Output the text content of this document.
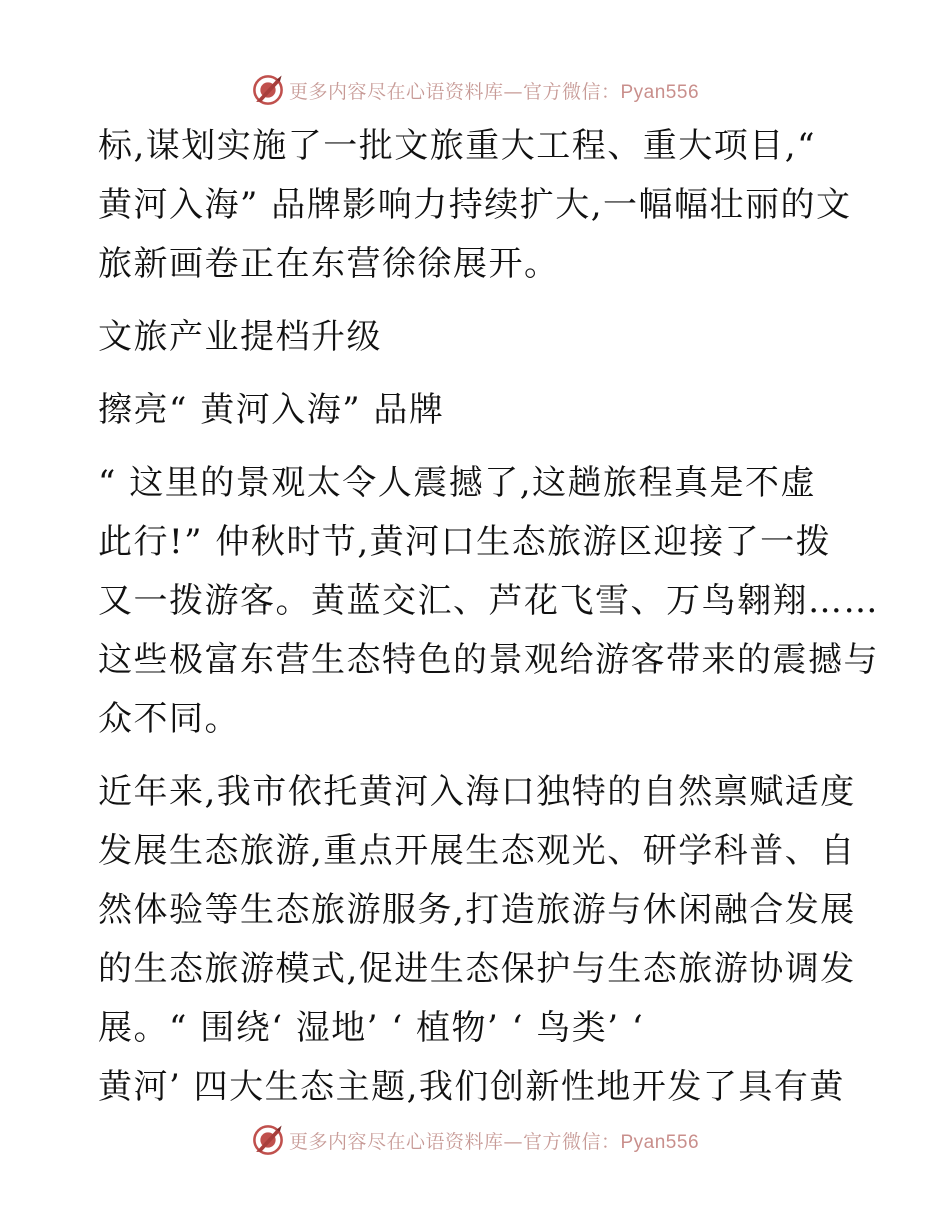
更多内容尽在心语资料库—官方微信：Pyan556

标,谋划实施了一批文旅重大工程、重大项目,“

黄河入海” 品牌影响力持续扩大,一幅幅壮丽的文

旅新画卷正在东营徐徐展开。

文旅产业提档升级

擦亮“ 黄河入海” 品牌

“ 这里的景观太令人震撼了,这趟旅程真是不虚

此行!” 仲秋时节,黄河口生态旅游区迎接了一拨

又一拨游客。黄蓝交汇、芦花飞雪、万鸟翱翔……

这些极富东营生态特色的景观给游客带来的震撼与

众不同。

近年来,我市依托黄河入海口独特的自然禀赋适度

发展生态旅游,重点开展生态观光、研学科普、自

然体验等生态旅游服务,打造旅游与休闲融合发展

的生态旅游模式,促进生态保护与生态旅游协调发

展。“ 围绕‘ 湿地’ ‘ 植物’ ‘ 鸟类’ ‘

黄河’ 四大生态主题,我们创新性地开发了具有黄

更多内容尽在心语资料库—官方微信：Pyan556
